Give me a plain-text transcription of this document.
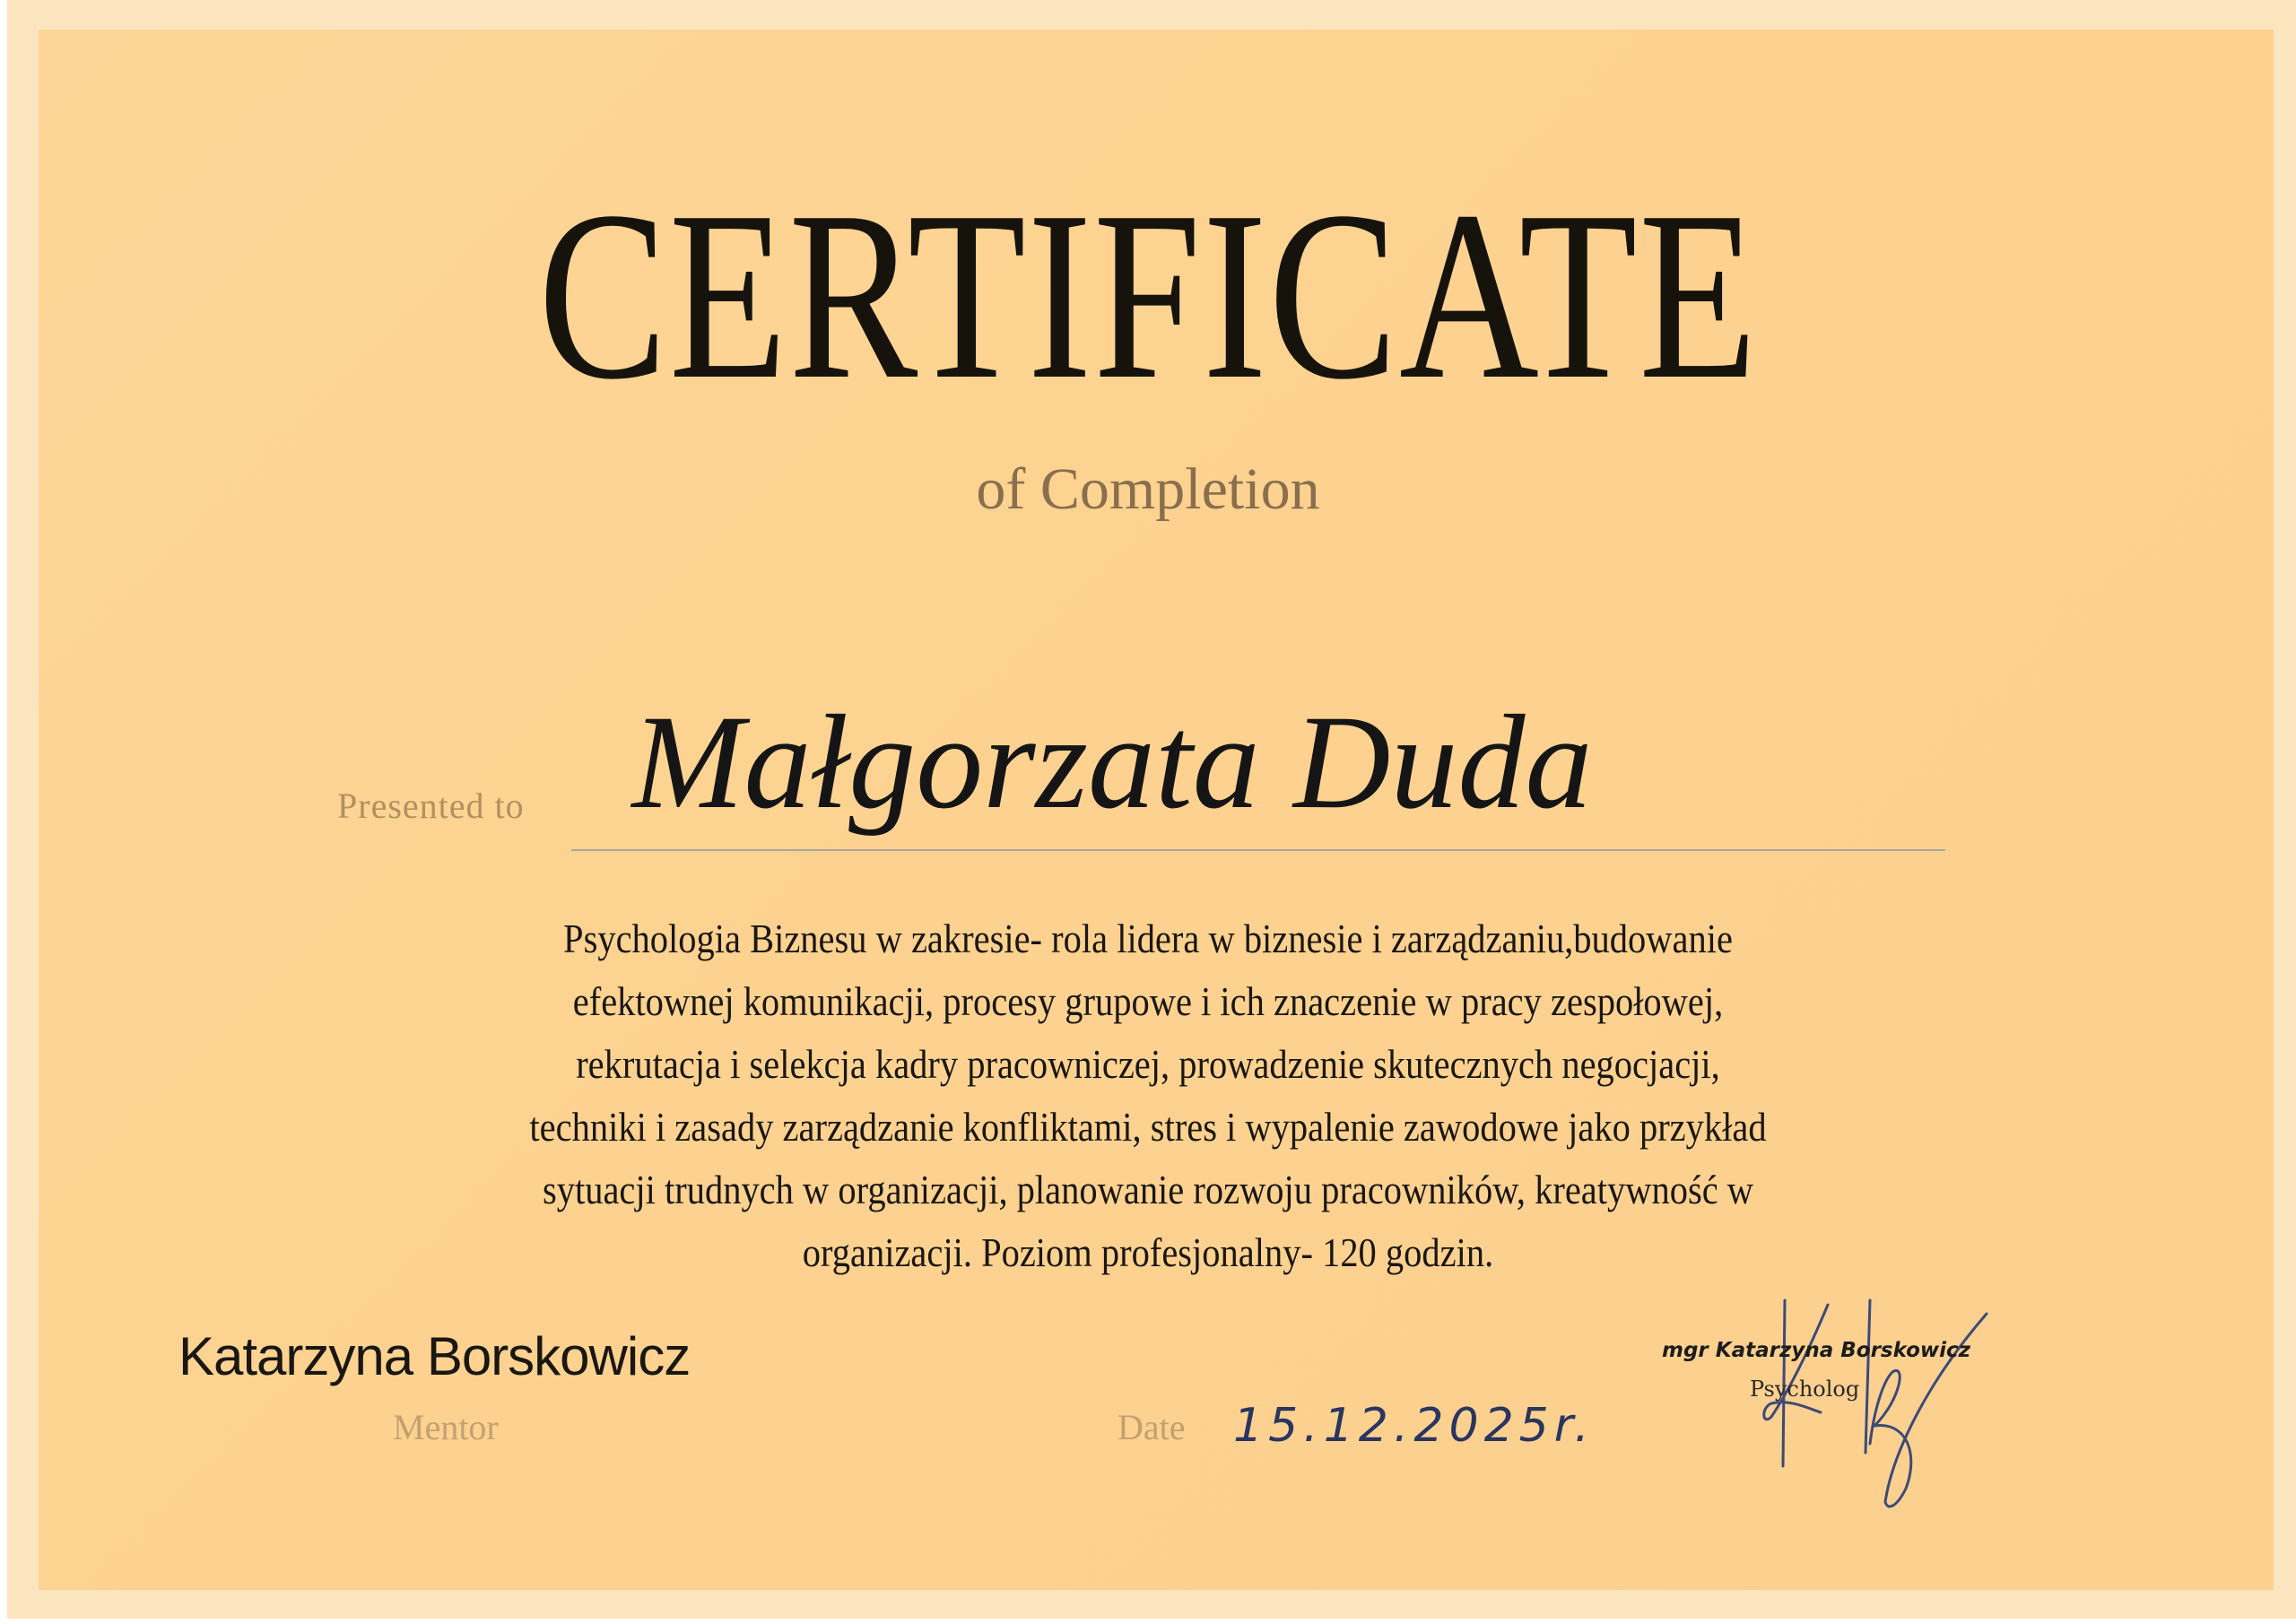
CERTIFICATE
of Completion
Presented to Małgorzata Duda
Psychologia Biznesu w zakresie- rola lidera w biznesie i zarządzaniu,budowanie
efektownej komunikacji, procesy grupowe i ich znaczenie w pracy zespołowej,
rekrutacja i selekcja kadry pracowniczej, prowadzenie skutecznych negocjacji,
techniki i zasady zarządzanie konfliktami, stres i wypalenie zawodowe jako przykład
sytuacji trudnych w organizacji, planowanie rozwoju pracowników, kreatywność w
organizacji. Poziom profesjonalny- 120 godzin.
Katarzyna Borskowicz
Mentor	Date 15.12.2025r.
mgr Katarzyna Borskowicz
Psycholog
